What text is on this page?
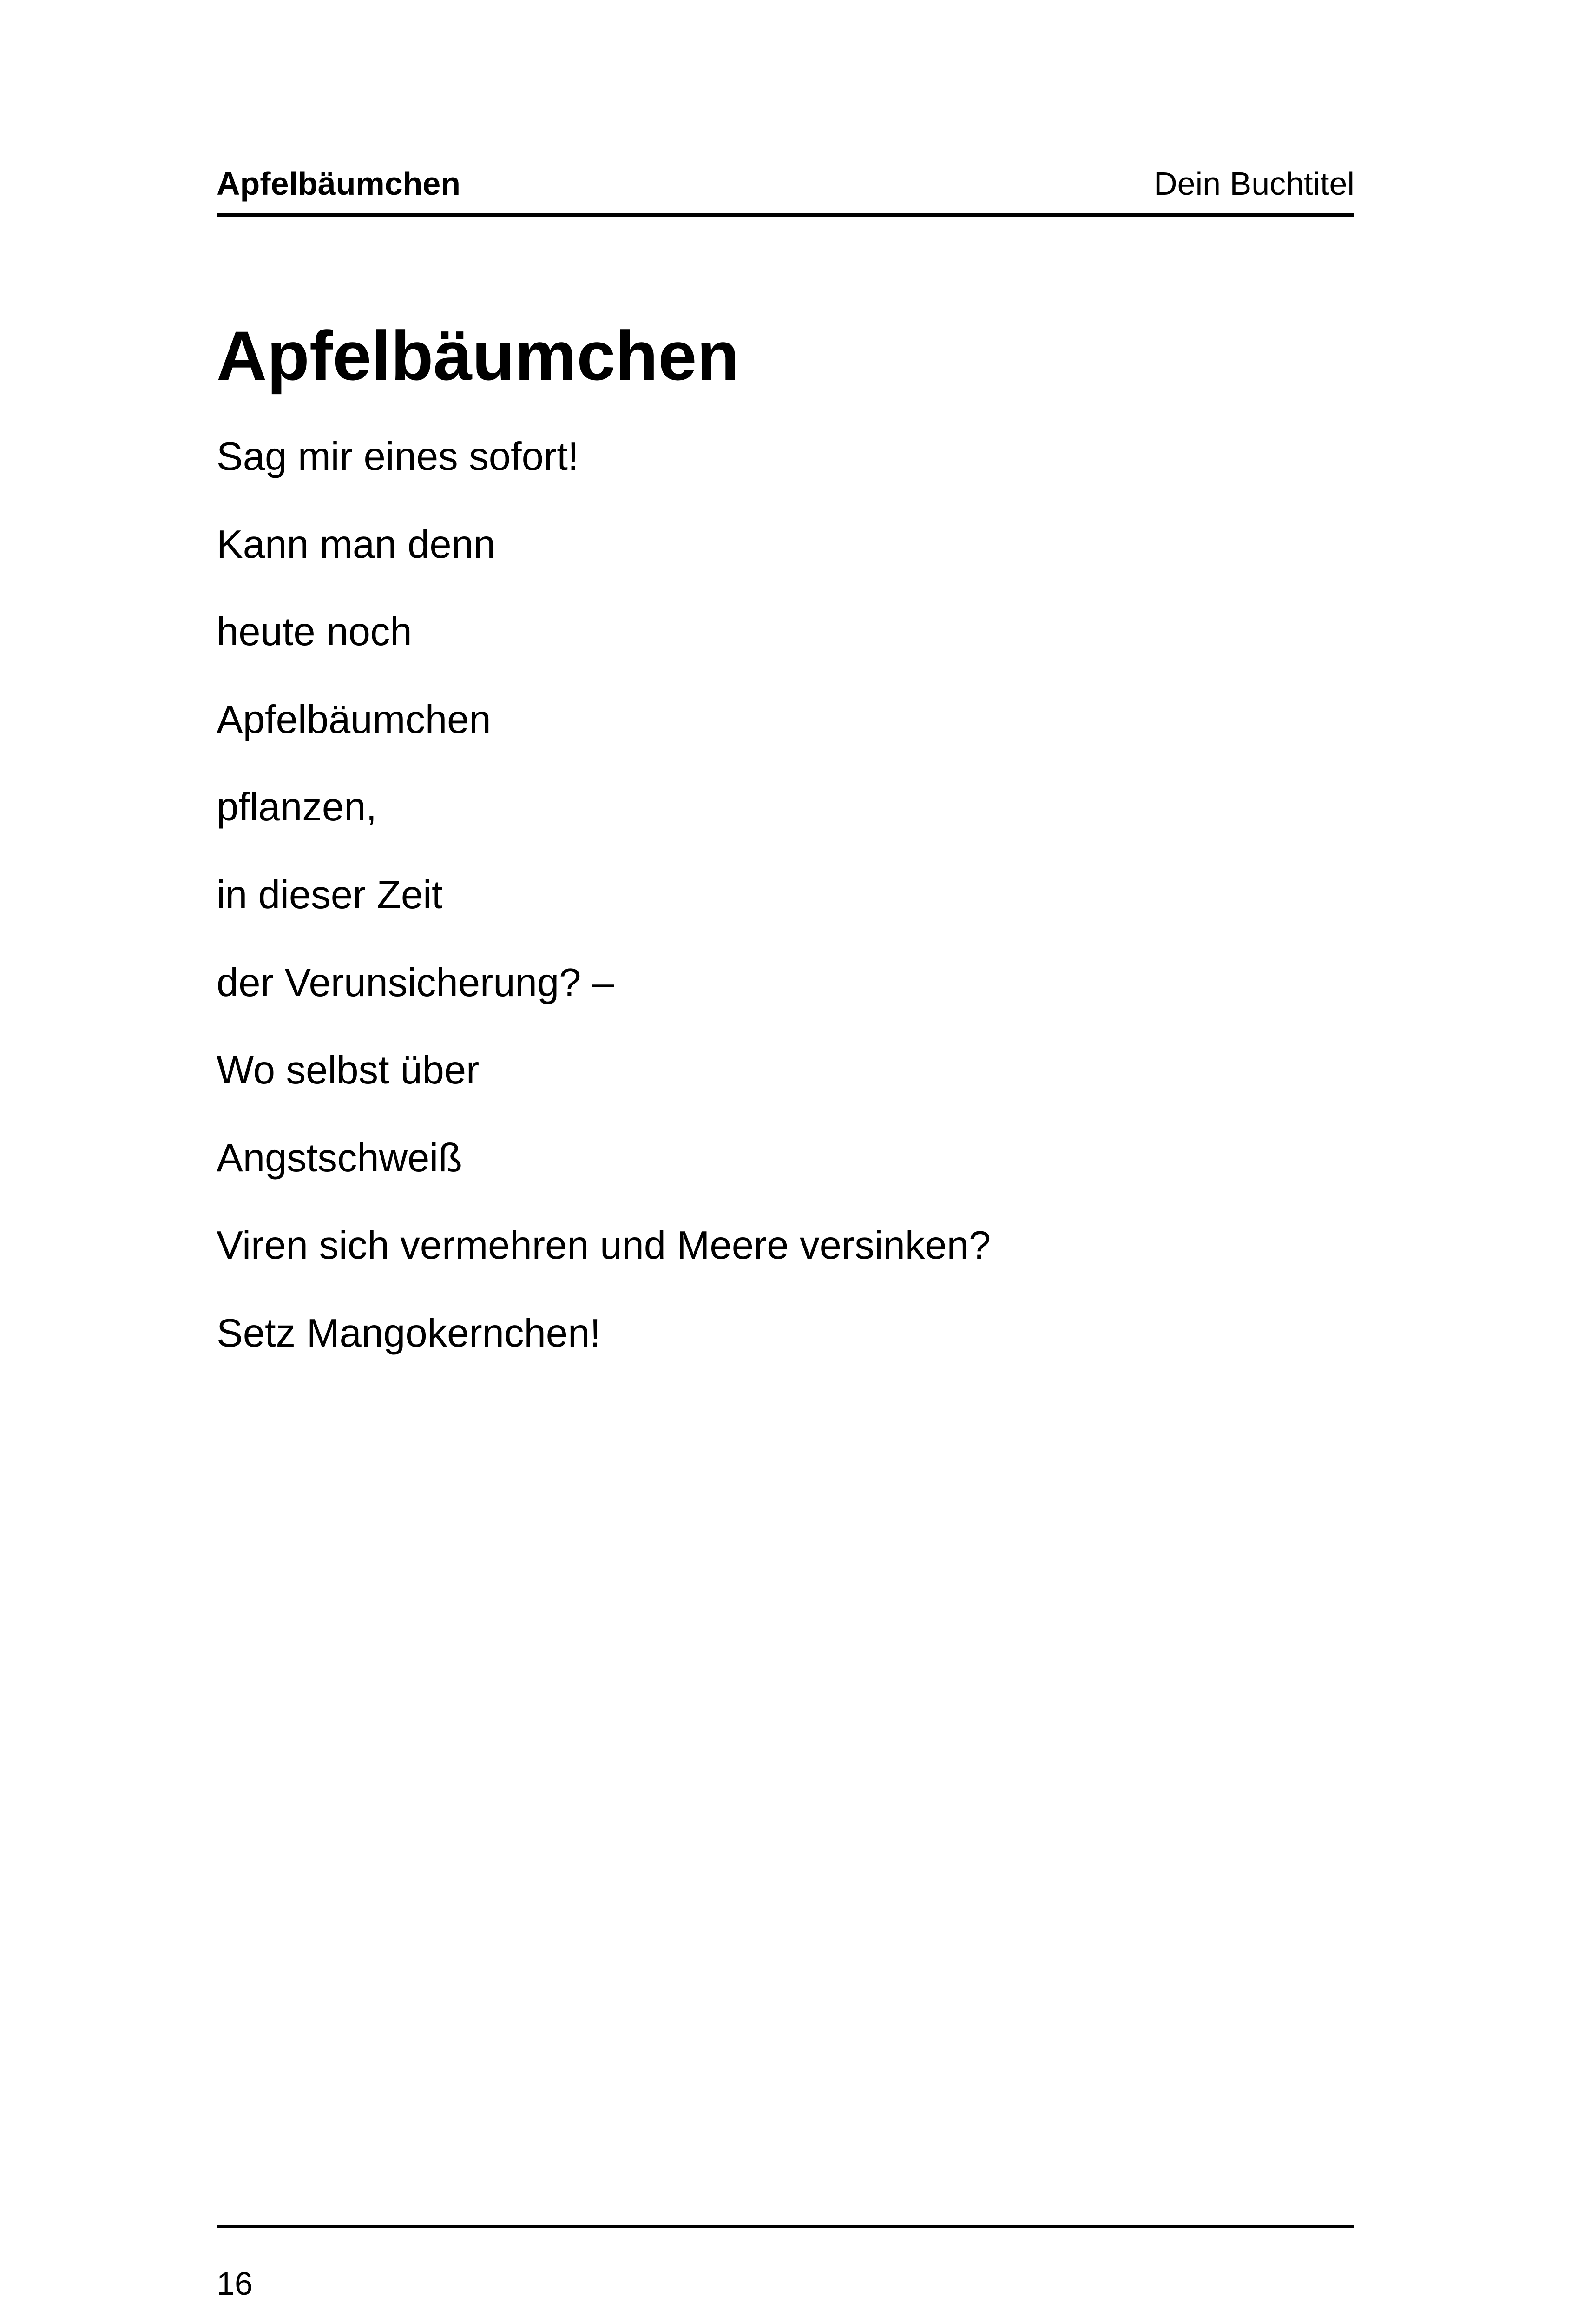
Apfelbäumchen	Dein Buchtitel
Apfelbäumchen
Sag mir eines sofort!
Kann man denn
heute noch
Apfelbäumchen
pflanzen,
in dieser Zeit
der Verunsicherung? –
Wo selbst über
Angstschweiß
Viren sich vermehren und Meere versinken?
Setz Mangokernchen!
16
